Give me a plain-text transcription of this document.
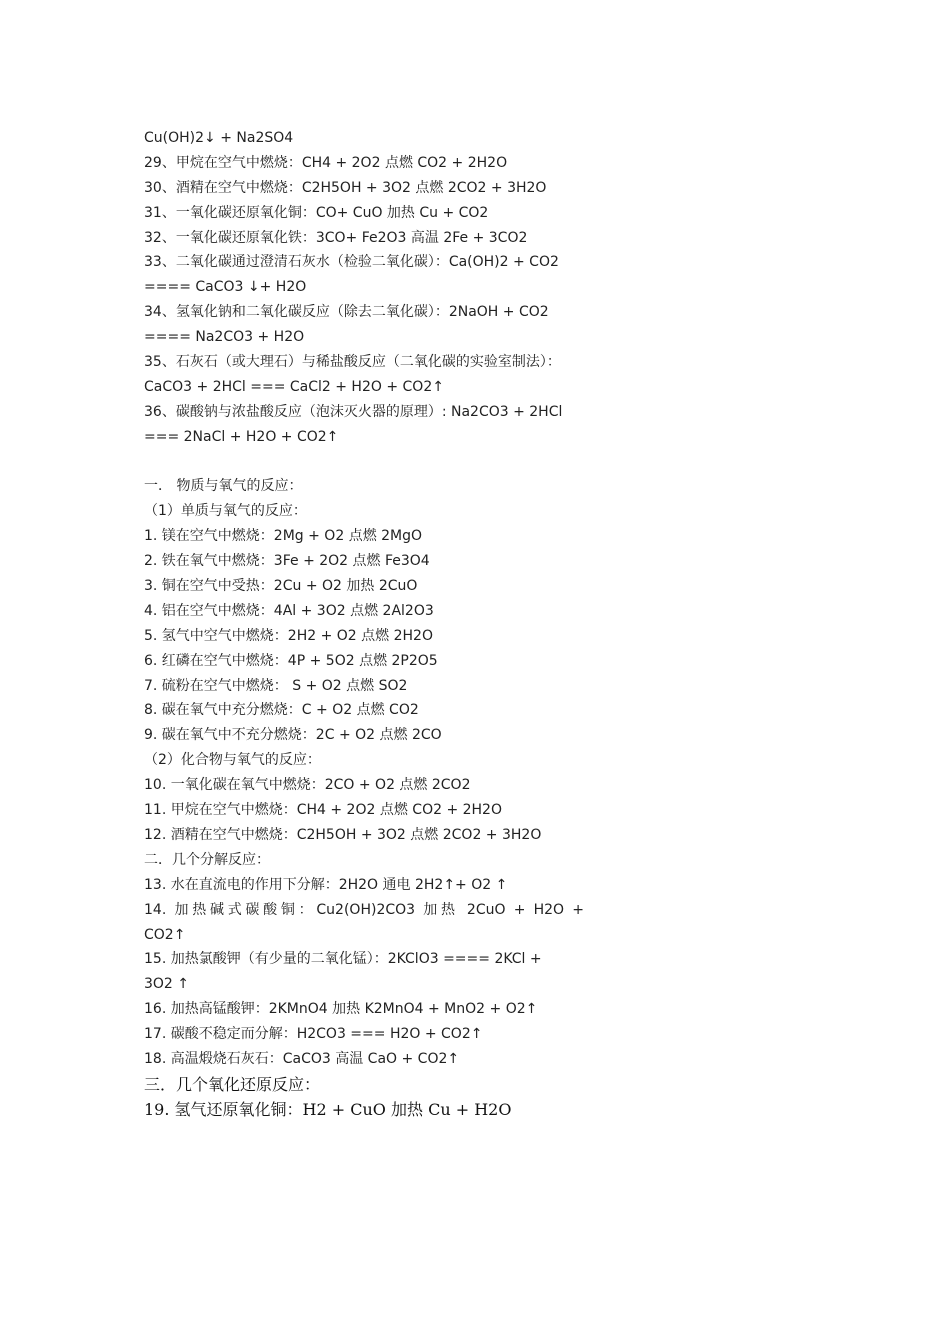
Cu(OH)2↓ + Na2SO4
29、甲烷在空气中燃烧：CH4 + 2O2 点燃 CO2 + 2H2O
30、酒精在空气中燃烧：C2H5OH + 3O2 点燃 2CO2 + 3H2O
31、一氧化碳还原氧化铜：CO+ CuO 加热 Cu + CO2
32、一氧化碳还原氧化铁：3CO+ Fe2O3 高温 2Fe + 3CO2
33、二氧化碳通过澄清石灰水（检验二氧化碳）：Ca(OH)2 + CO2
==== CaCO3 ↓+ H2O
34、氢氧化钠和二氧化碳反应（除去二氧化碳）：2NaOH + CO2
==== Na2CO3 + H2O
35、石灰石（或大理石）与稀盐酸反应（二氧化碳的实验室制法）：
CaCO3 + 2HCl === CaCl2 + H2O + CO2↑
36、碳酸钠与浓盐酸反应（泡沫灭火器的原理）: Na2CO3 + 2HCl
=== 2NaCl + H2O + CO2↑
一． 物质与氧气的反应：
（1）单质与氧气的反应：
1. 镁在空气中燃烧：2Mg + O2 点燃 2MgO
2. 铁在氧气中燃烧：3Fe + 2O2 点燃 Fe3O4
3. 铜在空气中受热：2Cu + O2 加热 2CuO
4. 铝在空气中燃烧：4Al + 3O2 点燃 2Al2O3
5. 氢气中空气中燃烧：2H2 + O2 点燃 2H2O
6. 红磷在空气中燃烧：4P + 5O2 点燃 2P2O5
7. 硫粉在空气中燃烧： S + O2 点燃 SO2
8. 碳在氧气中充分燃烧：C + O2 点燃 CO2
9. 碳在氧气中不充分燃烧：2C + O2 点燃 2CO
（2）化合物与氧气的反应：
10. 一氧化碳在氧气中燃烧：2CO + O2 点燃 2CO2
11. 甲烷在空气中燃烧：CH4 + 2O2 点燃 CO2 + 2H2O
12. 酒精在空气中燃烧：C2H5OH + 3O2 点燃 2CO2 + 3H2O
二．几个分解反应：
13. 水在直流电的作用下分解：2H2O 通电 2H2↑+ O2 ↑
14. 加热碱式碳酸铜：Cu2(OH)2CO3 加热 2CuO + H2O +
CO2↑
15. 加热氯酸钾（有少量的二氧化锰）：2KClO3 ==== 2KCl +
3O2 ↑
16. 加热高锰酸钾：2KMnO4 加热 K2MnO4 + MnO2 + O2↑
17. 碳酸不稳定而分解：H2CO3 === H2O + CO2↑
18. 高温煅烧石灰石：CaCO3 高温 CaO + CO2↑
三．几个氧化还原反应：
19. 氢气还原氧化铜：H2 + CuO 加热 Cu + H2O
